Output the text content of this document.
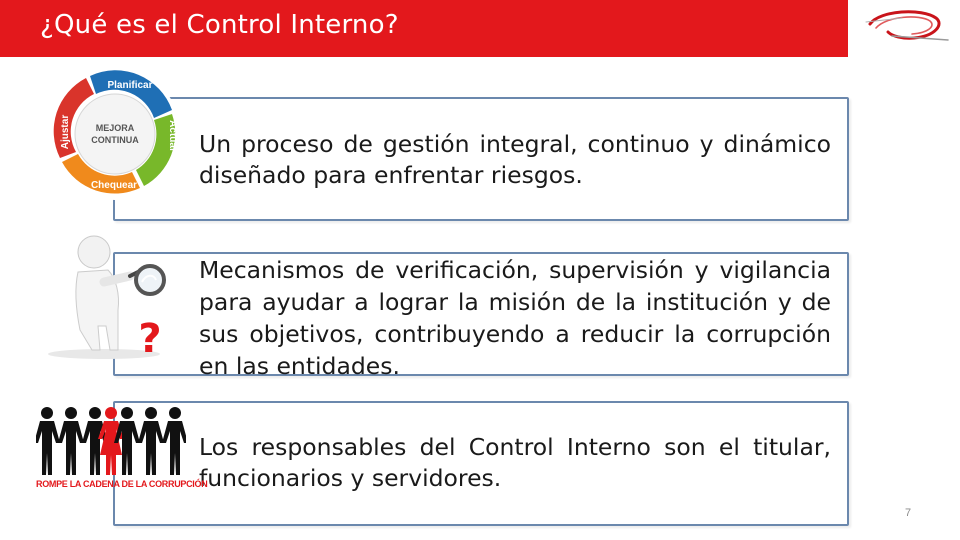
¿Qué es el Control Interno?
Un proceso de gestión integral, continuo y dinámico diseñado para enfrentar riesgos.
Mecanismos de verificación, supervisión y vigilancia para ayudar a lograr la misión de la institución y de sus objetivos, contribuyendo a reducir la corrupción en las entidades.
Los responsables del Control Interno son el titular, funcionarios y servidores.
Planificar
Actuar
Chequear
Ajustar	MEJORA
CONTINUA
?
ROMPE LA CADENA DE LA CORRUPCIÓN
7
